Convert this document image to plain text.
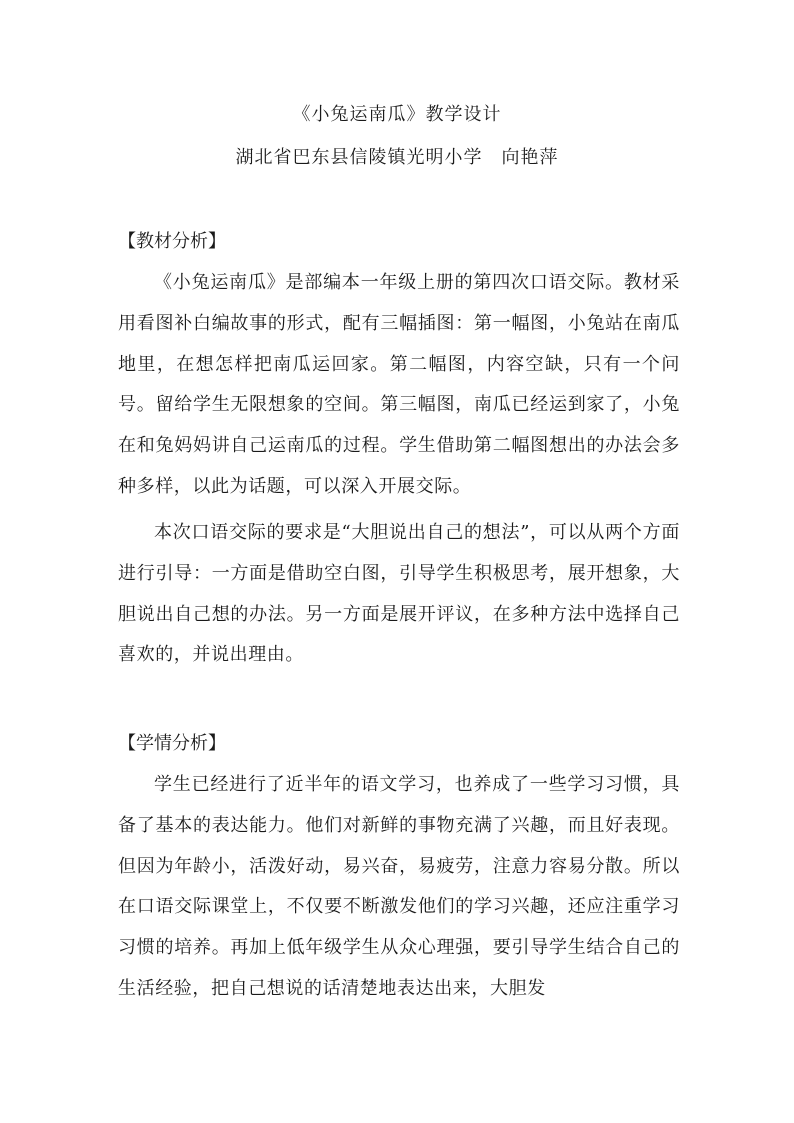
《小兔运南瓜》教学设计
湖北省巴东县信陵镇光明小学　向艳萍
【教材分析】

《小兔运南瓜》是部编本一年级上册的第四次口语交际。教材采用看图补白编故事的形式，配有三幅插图：第一幅图，小兔站在南瓜地里，在想怎样把南瓜运回家。第二幅图，内容空缺，只有一个问号。留给学生无限想象的空间。第三幅图，南瓜已经运到家了，小兔在和兔妈妈讲自己运南瓜的过程。学生借助第二幅图想出的办法会多种多样，以此为话题，可以深入开展交际。

本次口语交际的要求是“大胆说出自己的想法”，可以从两个方面进行引导：一方面是借助空白图，引导学生积极思考，展开想象，大胆说出自己想的办法。另一方面是展开评议，在多种方法中选择自己喜欢的，并说出理由。

【学情分析】

学生已经进行了近半年的语文学习，也养成了一些学习习惯，具备了基本的表达能力。他们对新鲜的事物充满了兴趣，而且好表现。但因为年龄小，活泼好动，易兴奋，易疲劳，注意力容易分散。所以在口语交际课堂上，不仅要不断激发他们的学习兴趣，还应注重学习习惯的培养。再加上低年级学生从众心理强，要引导学生结合自己的生活经验，把自己想说的话清楚地表达出来，大胆发
